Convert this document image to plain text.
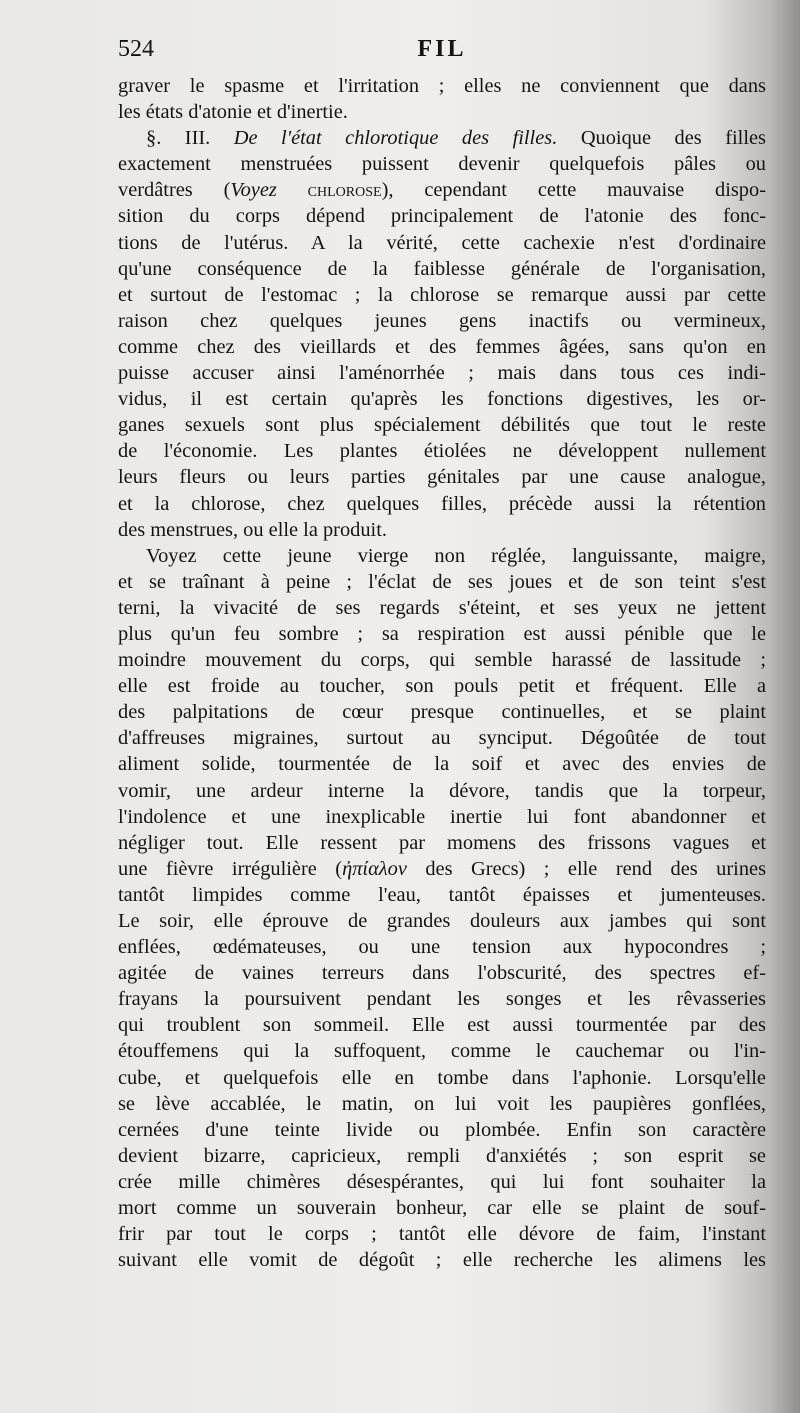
524	FIL
graver le spasme et l'irritation ; elles ne conviennent que dans
les états d'atonie et d'inertie.
§. III. De l'état chlorotique des filles. Quoique des filles
exactement menstruées puissent devenir quelquefois pâles ou
verdâtres (Voyez chlorose), cependant cette mauvaise dispo-
sition du corps dépend principalement de l'atonie des fonc-
tions de l'utérus. A la vérité, cette cachexie n'est d'ordinaire
qu'une conséquence de la faiblesse générale de l'organisation,
et surtout de l'estomac ; la chlorose se remarque aussi par cette
raison chez quelques jeunes gens inactifs ou vermineux,
comme chez des vieillards et des femmes âgées, sans qu'on en
puisse accuser ainsi l'aménorrhée ; mais dans tous ces indi-
vidus, il est certain qu'après les fonctions digestives, les or-
ganes sexuels sont plus spécialement débilités que tout le reste
de l'économie. Les plantes étiolées ne développent nullement
leurs fleurs ou leurs parties génitales par une cause analogue,
et la chlorose, chez quelques filles, précède aussi la rétention
des menstrues, ou elle la produit.
Voyez cette jeune vierge non réglée, languissante, maigre,
et se traînant à peine ; l'éclat de ses joues et de son teint s'est
terni, la vivacité de ses regards s'éteint, et ses yeux ne jettent
plus qu'un feu sombre ; sa respiration est aussi pénible que le
moindre mouvement du corps, qui semble harassé de lassitude ;
elle est froide au toucher, son pouls petit et fréquent. Elle a
des palpitations de cœur presque continuelles, et se plaint
d'affreuses migraines, surtout au synciput. Dégoûtée de tout
aliment solide, tourmentée de la soif et avec des envies de
vomir, une ardeur interne la dévore, tandis que la torpeur,
l'indolence et une inexplicable inertie lui font abandonner et
négliger tout. Elle ressent par momens des frissons vagues et
une fièvre irrégulière (ἠπίαλον des Grecs) ; elle rend des urines
tantôt limpides comme l'eau, tantôt épaisses et jumenteuses.
Le soir, elle éprouve de grandes douleurs aux jambes qui sont
enflées, œdémateuses, ou une tension aux hypocondres ;
agitée de vaines terreurs dans l'obscurité, des spectres ef-
frayans la poursuivent pendant les songes et les rêvasseries
qui troublent son sommeil. Elle est aussi tourmentée par des
étouffemens qui la suffoquent, comme le cauchemar ou l'in-
cube, et quelquefois elle en tombe dans l'aphonie. Lorsqu'elle
se lève accablée, le matin, on lui voit les paupières gonflées,
cernées d'une teinte livide ou plombée. Enfin son caractère
devient bizarre, capricieux, rempli d'anxiétés ; son esprit se
crée mille chimères désespérantes, qui lui font souhaiter la
mort comme un souverain bonheur, car elle se plaint de souf-
frir par tout le corps ; tantôt elle dévore de faim, l'instant
suivant elle vomit de dégoût ; elle recherche les alimens les
